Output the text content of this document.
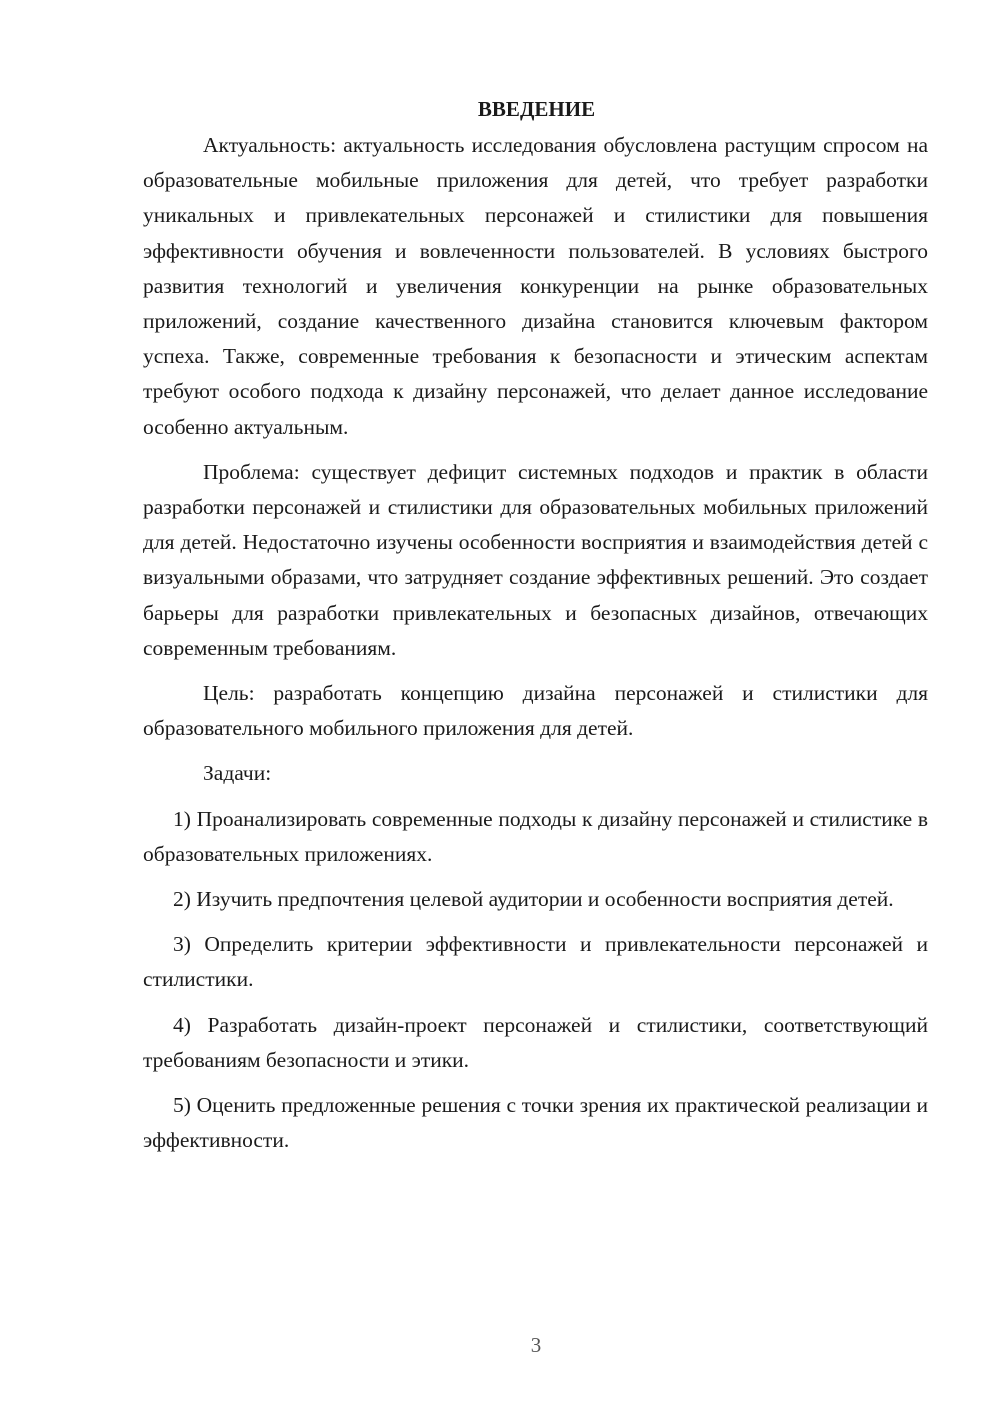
ВВЕДЕНИЕ

Актуальность: актуальность исследования обусловлена растущим спросом на образовательные мобильные приложения для детей, что требует разработки уникальных и привлекательных персонажей и стилистики для повышения эффективности обучения и вовлеченности пользователей. В условиях быстрого развития технологий и увеличения конкуренции на рынке образовательных приложений, создание качественного дизайна становится ключевым фактором успеха. Также, современные требования к безопасности и этическим аспектам требуют особого подхода к дизайну персонажей, что делает данное исследование особенно актуальным.

Проблема: существует дефицит системных подходов и практик в области разработки персонажей и стилистики для образовательных мобильных приложений для детей. Недостаточно изучены особенности восприятия и взаимодействия детей с визуальными образами, что затрудняет создание эффективных решений. Это создает барьеры для разработки привлекательных и безопасных дизайнов, отвечающих современным требованиям.

Цель: разработать концепцию дизайна персонажей и стилистики для образовательного мобильного приложения для детей.

Задачи:

1) Проанализировать современные подходы к дизайну персонажей и стилистике в образовательных приложениях.

2) Изучить предпочтения целевой аудитории и особенности восприятия детей.

3) Определить критерии эффективности и привлекательности персонажей и стилистики.

4) Разработать дизайн-проект персонажей и стилистики, соответствующий требованиям безопасности и этики.

5) Оценить предложенные решения с точки зрения их практической реализации и эффективности.

3
